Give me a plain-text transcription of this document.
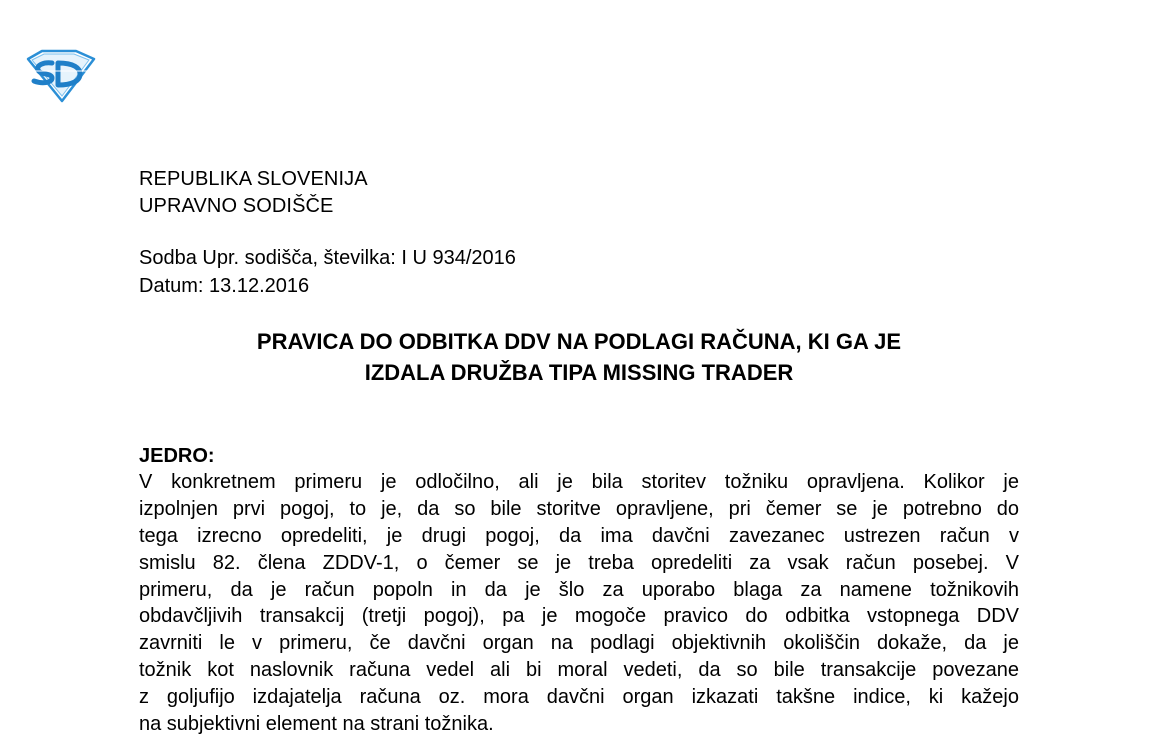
REPUBLIKA SLOVENIJA
UPRAVNO SODIŠČE
Sodba Upr. sodišča, številka: I U 934/2016
Datum: 13.12.2016
PRAVICA DO ODBITKA DDV NA PODLAGI RAČUNA, KI GA JE
IZDALA DRUŽBA TIPA MISSING TRADER
JEDRO:
V konkretnem primeru je odločilno, ali je bila storitev tožniku opravljena. Kolikor je
izpolnjen prvi pogoj, to je, da so bile storitve opravljene, pri čemer se je potrebno do
tega izrecno opredeliti, je drugi pogoj, da ima davčni zavezanec ustrezen račun v
smislu 82. člena ZDDV-1, o čemer se je treba opredeliti za vsak račun posebej. V
primeru, da je račun popoln in da je šlo za uporabo blaga za namene tožnikovih
obdavčljivih transakcij (tretji pogoj), pa je mogoče pravico do odbitka vstopnega DDV
zavrniti le v primeru, če davčni organ na podlagi objektivnih okoliščin dokaže, da je
tožnik kot naslovnik računa vedel ali bi moral vedeti, da so bile transakcije povezane
z goljufijo izdajatelja računa oz. mora davčni organ izkazati takšne indice, ki kažejo
na subjektivni element na strani tožnika.
